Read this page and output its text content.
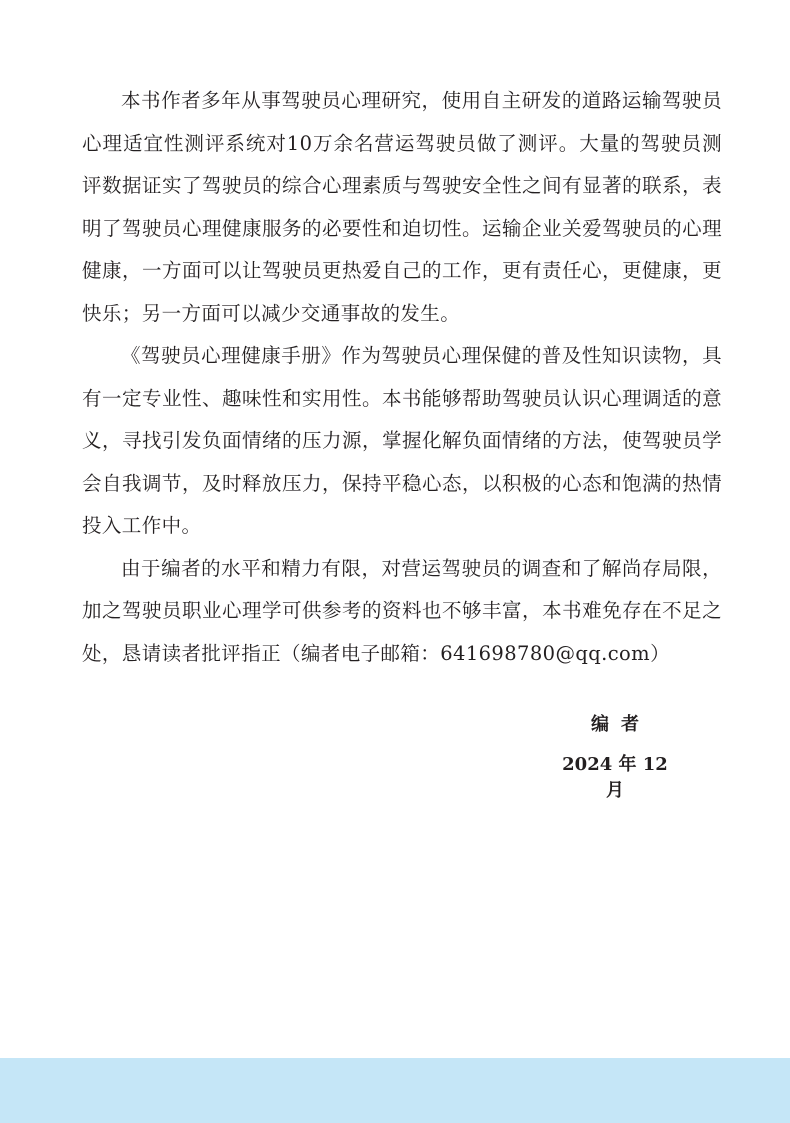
本书作者多年从事驾驶员心理研究，使用自主研发的道路运输驾驶员心理适宜性测评系统对10万余名营运驾驶员做了测评。大量的驾驶员测评数据证实了驾驶员的综合心理素质与驾驶安全性之间有显著的联系，表明了驾驶员心理健康服务的必要性和迫切性。运输企业关爱驾驶员的心理健康，一方面可以让驾驶员更热爱自己的工作，更有责任心，更健康，更快乐；另一方面可以减少交通事故的发生。

《驾驶员心理健康手册》作为驾驶员心理保健的普及性知识读物，具有一定专业性、趣味性和实用性。本书能够帮助驾驶员认识心理调适的意义，寻找引发负面情绪的压力源，掌握化解负面情绪的方法，使驾驶员学会自我调节，及时释放压力，保持平稳心态，以积极的心态和饱满的热情投入工作中。

由于编者的水平和精力有限，对营运驾驶员的调查和了解尚存局限，加之驾驶员职业心理学可供参考的资料也不够丰富，本书难免存在不足之处，恳请读者批评指正（编者电子邮箱：641698780@qq.com）

编者

2024 年 12 月
